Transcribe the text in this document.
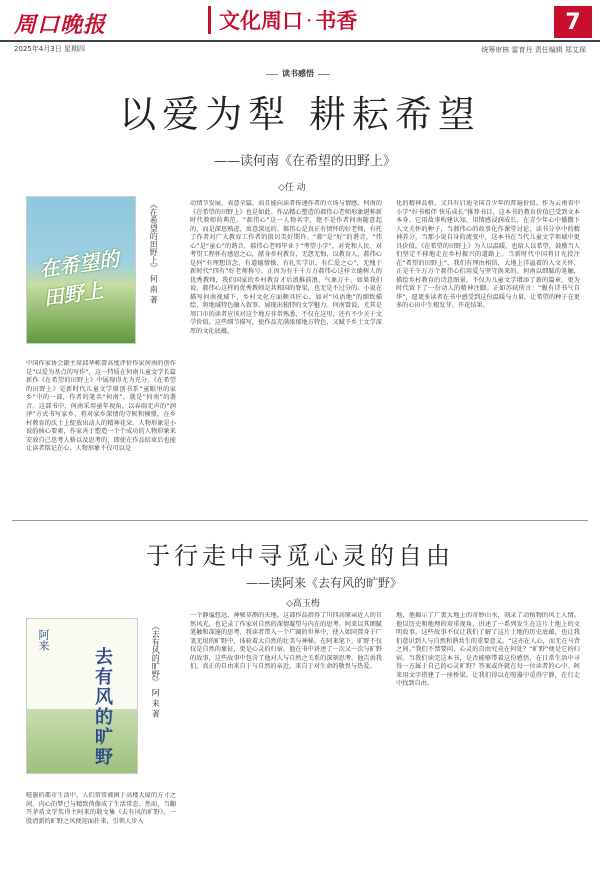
周口晚报
2025年4月3日 星期四
文化周口 · 书香	7
统筹审核 雷育丹 责任编辑 郑艾琛
读书感悟
以爱为犁 耕耘希望
——读何南《在希望的田野上》
◇任 动
在希望的田野上	《在希望的田野上》 何 南 著
中国作家协会副主席邱华栋曾高度评价作家何南的创作是“以爱为基点的写作”，这一特质在何南儿童文学长篇新作《在希望的田野上》中展现得尤为充分。《在希望的田野上》是新时代儿童文学原创书系“童眼里的家乡”中的一部，作者的笔名“何南”，就是“何南”的谐音。这部书中，何南采用童年视角，以春雨无声的“润泽”方式书写家乡，将对家乡深情的守候和憧憬，在乡村教育的沃土上绽放出动人的精神花朵。人物形象是小说的核心要素，作家善于塑造一个个成功的人物形象来安放自己思考人格以及思考的，即使在作品结束后也能让读者铭记在心。人物形象不仅可以是
动情节发展、表意全篇，而且能向读者传递作者的立场与情感。何南的《在希望的田野上》也是如此。作品精心塑造的郝伟心老师形象堪称新时代教师的典范。“郝伟心”这一人物名字，绝不是作者何南随意起的，而是深思熟虑、寓意深远的。郝伟心是真正有情怀的好老师，有托了作者对广大教育工作者的殷切美好期许。“郝”是“好”的谐音，“伟心”是“童心”的谐音，郝伟心老师毕业于“考望小学”，对党和人民、对考望工程怀有感恩之心，献身乡村教育，无怨无悔，以教育人，郝伟心是何“有理想信念、有道德情操、有扎实学识、有仁爱之心”，无愧于新时代“四有”好老师称号。正因为有千千万万郝伟心这样立德树人的优秀教师，我们国家的乡村教育才后浪推前浪、气象万千。如果我们说，郝伟心这样的优秀教师是共和国的脊梁，也无是不过分的。小说在描写何南视域下，乡村文化方面颇具匠心。如对“风语地”的细致描绘，将地域特色融入叙事，展现出独特的文学魅力。何南曾说，尤其是周口市的读者应该对这个地方非常熟悉，不仅在这里，还有不少关于文学价值。这些细节描写，使作品充满浓郁地方特色，又赋予乡土文学深厚的文化底蕴。
化的精神品格，又具有启迪全国青少年的普遍价值。作为云南省中小学“好书相伴 快乐成长”推荐书目，这本书的教育价值已受到文本本身。它用故事构建认知，用情感浸润成长，在青少年心中播撒下人文关怀的种子，当郝伟心的故事化作课堂讨论、读书分享中的精神养分，当那小说自身的流变中，这本书在当代儿童文学领域中更具价值。《在希望的田野上》为人以温暖，也给人以希望，鼓励当人们坚定不移地走在乡村振兴的道路上。当新时代中国将目光投注在“希望的田野上”，我们有理由相信，大地上洋溢着的人文关怀，正是千千万万个郝伟心们用爱与坚守换来的。何南以细腻的笔触，描绘乡村教育的诗意图景，不仅为儿童文学增添了新的篇章，更为时代留下了一份动人的精神注脚。正如苏轼所言：“腹有诗书气自华”，愿更多读者在书中感受到这份温暖与力量，让希望的种子在更多的心田中生根发芽、开花结果。
于行走中寻觅心灵的自由
——读阿来《去有风的旷野》
◇高玉梅
阿来
去有风的旷野	《去有风的旷野》 阿 来 著
喧嚣的都市生活中，人们常常被困于高楼大厦的方寸之间，内心的梦已与精致伪像成了生活常态。然而，当翻开茅盾文学奖得主阿来的散文集《去有风的旷野》，一股清新的旷野之风便迎面扑来，引领人步入
一个静谧悠远、神秘莫测的天地。这部作品指得了川四高原亲近人的自然风光，也记录了作家对自然的深情凝望与内在的思考。阿来以其细腻笔触和深邃的思考，将读者带入一个广阔的世界中，使人如同置身于广袤无垠的旷野中，体验着大自然的壮美与神秘。在阿来笔下，旷野不仅仅是自然的象征，更是心灵的归宿。他在书中讲述了一次又一次与旷野的故事，这些故事中包含了他对人与自然之关系的深刻思考。他告诉我们，真正的自由来自于与自然的亲近，来自于对生命的敬畏与热爱。
地，他揭示了广袤大地上的奇妙山水，刻录了动植物的风土人情。他以历史和地理的双重视角，讲述了一系列发生在这片土地上的文明故事。这些故事不仅让我们了解了这片土地的历史底蕴，也让我们意识到人与自然和谐共生的重要意义。“这亦在人心，而无在马背之间。”我们不禁要问，心灵的自由究竟在何处？“旷野”便是它的归宿。当我们读完这本书，是否能够带着这份感悟，在日常生活中寻得一方属于自己的心灵旷野？答案或许就在每一位读者的心中。阿来用文字搭建了一座桥梁，让我们得以在喧嚣中觅得宁静，在行走中找到自由。
